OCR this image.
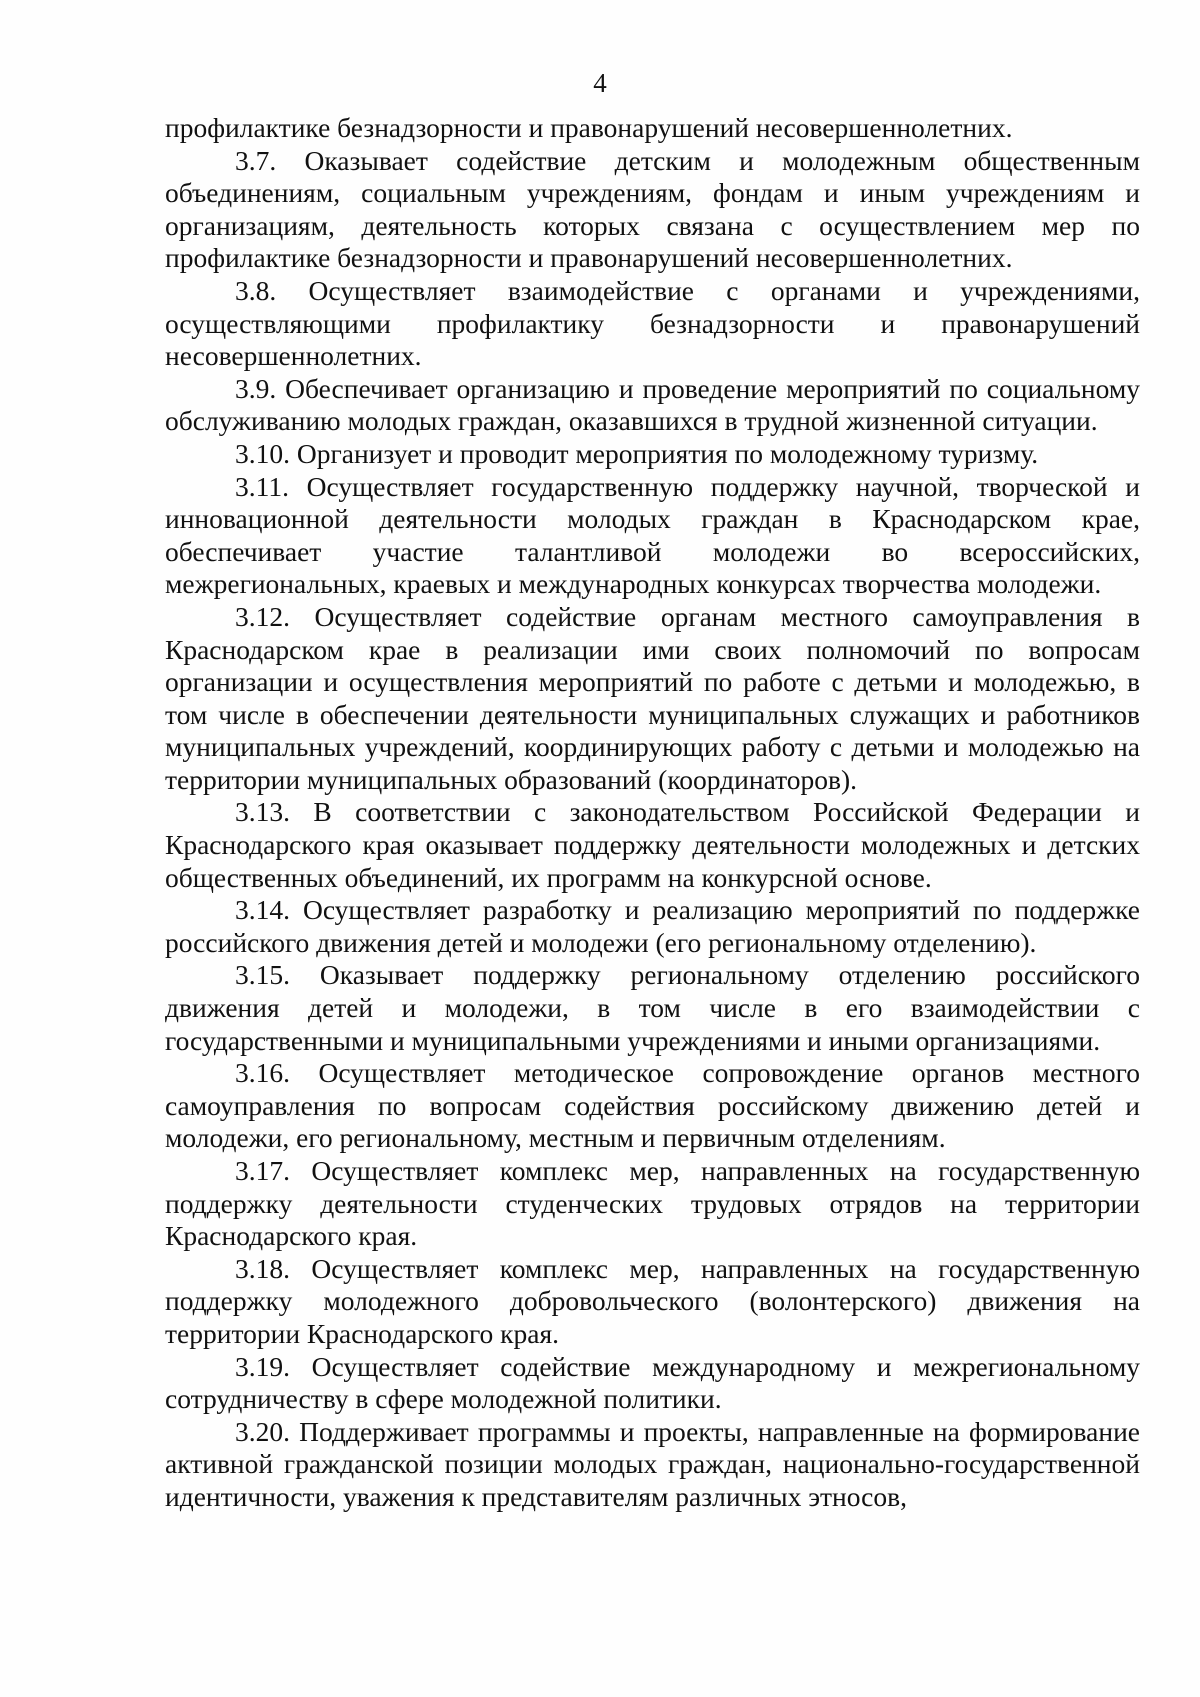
4

профилактике безнадзорности и правонарушений несовершеннолетних.

3.7. Оказывает содействие детским и молодежным общественным объединениям, социальным учреждениям, фондам и иным учреждениям и организациям, деятельность которых связана с осуществлением мер по профилактике безнадзорности и правонарушений несовершеннолетних.

3.8. Осуществляет взаимодействие с органами и учреждениями, осуществляющими профилактику безнадзорности и правонарушений несовершеннолетних.

3.9. Обеспечивает организацию и проведение мероприятий по социальному обслуживанию молодых граждан, оказавшихся в трудной жизненной ситуации.

3.10. Организует и проводит мероприятия по молодежному туризму.

3.11. Осуществляет государственную поддержку научной, творческой и инновационной деятельности молодых граждан в Краснодарском крае, обеспечивает участие талантливой молодежи во всероссийских, межрегиональных, краевых и международных конкурсах творчества молодежи.

3.12. Осуществляет содействие органам местного самоуправления в Краснодарском крае в реализации ими своих полномочий по вопросам организации и осуществления мероприятий по работе с детьми и молодежью, в том числе в обеспечении деятельности муниципальных служащих и работников муниципальных учреждений, координирующих работу с детьми и молодежью на территории муниципальных образований (координаторов).

3.13. В соответствии с законодательством Российской Федерации и Краснодарского края оказывает поддержку деятельности молодежных и детских общественных объединений, их программ на конкурсной основе.

3.14. Осуществляет разработку и реализацию мероприятий по поддержке российского движения детей и молодежи (его региональному отделению).

3.15. Оказывает поддержку региональному отделению российского движения детей и молодежи, в том числе в его взаимодействии с государственными и муниципальными учреждениями и иными организациями.

3.16. Осуществляет методическое сопровождение органов местного самоуправления по вопросам содействия российскому движению детей и молодежи, его региональному, местным и первичным отделениям.

3.17. Осуществляет комплекс мер, направленных на государственную поддержку деятельности студенческих трудовых отрядов на территории Краснодарского края.

3.18. Осуществляет комплекс мер, направленных на государственную поддержку молодежного добровольческого (волонтерского) движения на территории Краснодарского края.

3.19. Осуществляет содействие международному и межрегиональному сотрудничеству в сфере молодежной политики.

3.20. Поддерживает программы и проекты, направленные на формирование активной гражданской позиции молодых граждан, национально-государственной идентичности, уважения к представителям различных этносов,
